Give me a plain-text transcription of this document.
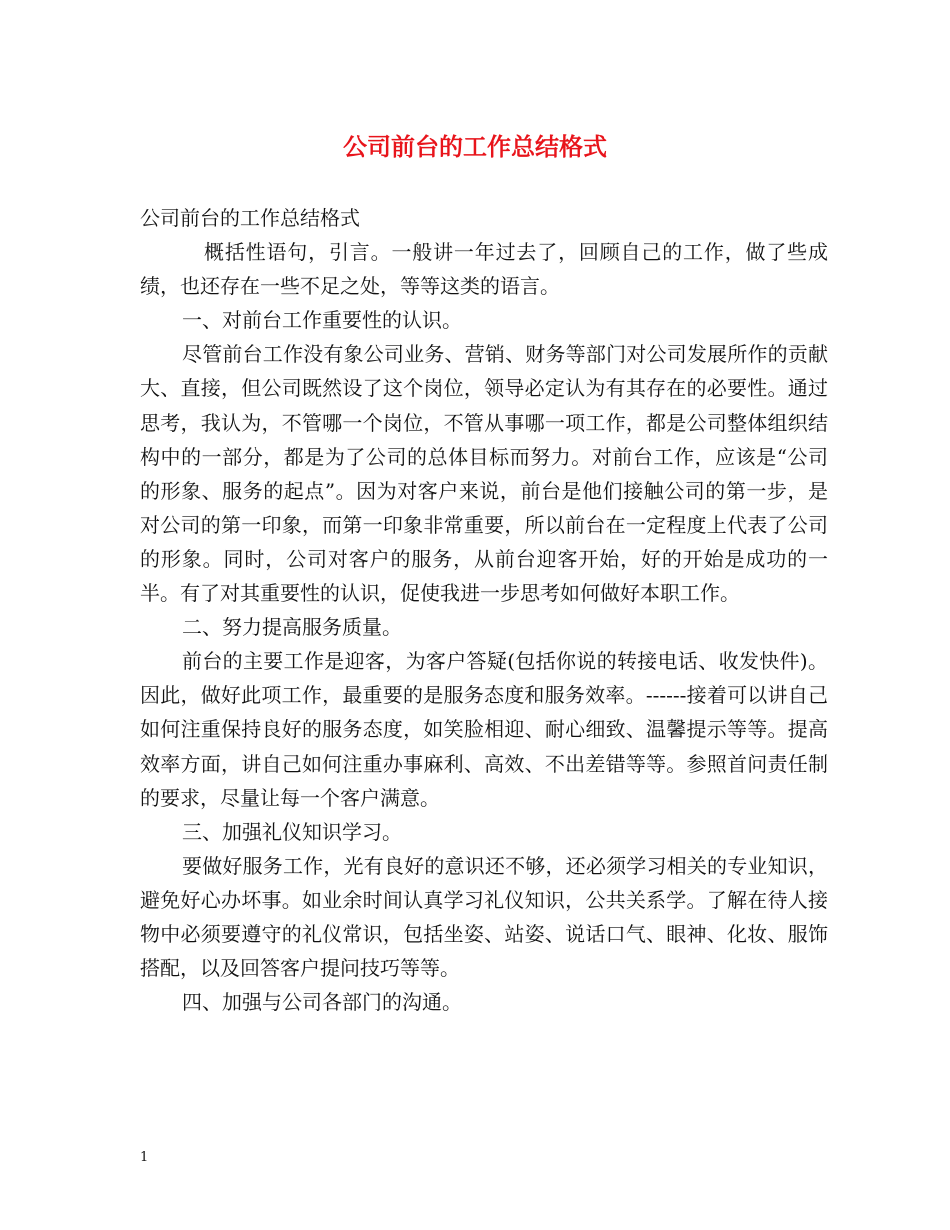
公司前台的工作总结格式

公司前台的工作总结格式

概括性语句，引言。一般讲一年过去了，回顾自己的工作，做了些成绩，也还存在一些不足之处，等等这类的语言。

一、对前台工作重要性的认识。

尽管前台工作没有象公司业务、营销、财务等部门对公司发展所作的贡献大、直接，但公司既然设了这个岗位，领导必定认为有其存在的必要性。通过思考，我认为，不管哪一个岗位，不管从事哪一项工作，都是公司整体组织结构中的一部分，都是为了公司的总体目标而努力。对前台工作，应该是“公司的形象、服务的起点”。因为对客户来说，前台是他们接触公司的第一步，是对公司的第一印象，而第一印象非常重要，所以前台在一定程度上代表了公司的形象。同时，公司对客户的服务，从前台迎客开始，好的开始是成功的一半。有了对其重要性的认识，促使我进一步思考如何做好本职工作。

二、努力提高服务质量。

前台的主要工作是迎客，为客户答疑(包括你说的转接电话、收发快件)。因此，做好此项工作，最重要的是服务态度和服务效率。------接着可以讲自己如何注重保持良好的服务态度，如笑脸相迎、耐心细致、温馨提示等等。提高效率方面，讲自己如何注重办事麻利、高效、不出差错等等。参照首问责任制的要求，尽量让每一个客户满意。

三、加强礼仪知识学习。

要做好服务工作，光有良好的意识还不够，还必须学习相关的专业知识，避免好心办坏事。如业余时间认真学习礼仪知识，公共关系学。了解在待人接物中必须要遵守的礼仪常识，包括坐姿、站姿、说话口气、眼神、化妆、服饰搭配，以及回答客户提问技巧等等。

四、加强与公司各部门的沟通。

1
